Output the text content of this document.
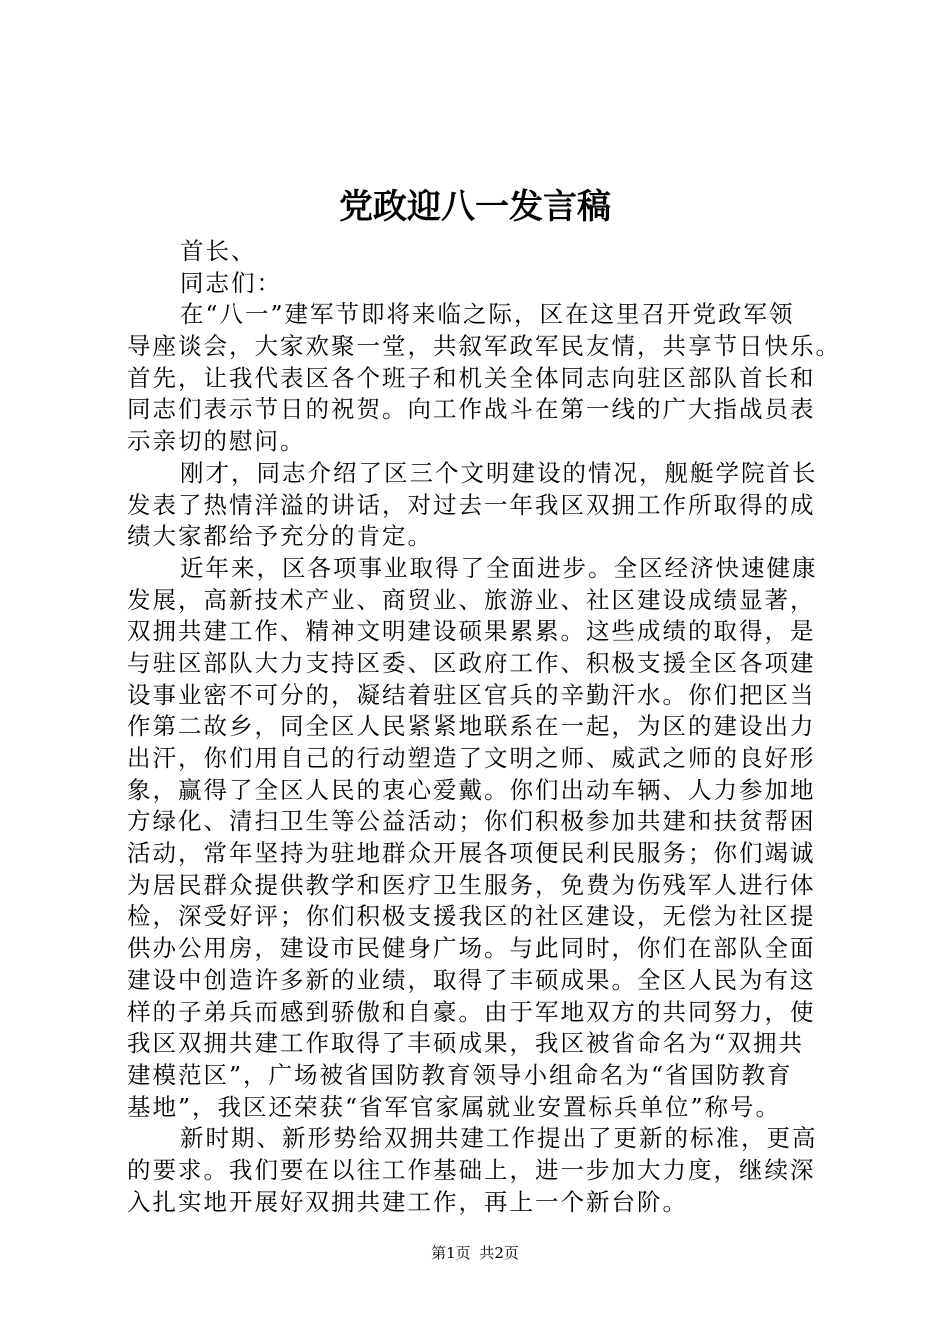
党政迎八一发言稿
首长、
同志们：
在“八一”建军节即将来临之际，区在这里召开党政军领
导座谈会，大家欢聚一堂，共叙军政军民友情，共享节日快乐。
首先，让我代表区各个班子和机关全体同志向驻区部队首长和
同志们表示节日的祝贺。向工作战斗在第一线的广大指战员表
示亲切的慰问。
刚才，同志介绍了区三个文明建设的情况，舰艇学院首长
发表了热情洋溢的讲话，对过去一年我区双拥工作所取得的成
绩大家都给予充分的肯定。
近年来，区各项事业取得了全面进步。全区经济快速健康
发展，高新技术产业、商贸业、旅游业、社区建设成绩显著，
双拥共建工作、精神文明建设硕果累累。这些成绩的取得，是
与驻区部队大力支持区委、区政府工作、积极支援全区各项建
设事业密不可分的，凝结着驻区官兵的辛勤汗水。你们把区当
作第二故乡，同全区人民紧紧地联系在一起，为区的建设出力
出汗，你们用自己的行动塑造了文明之师、威武之师的良好形
象，赢得了全区人民的衷心爱戴。你们出动车辆、人力参加地
方绿化、清扫卫生等公益活动；你们积极参加共建和扶贫帮困
活动，常年坚持为驻地群众开展各项便民利民服务；你们竭诚
为居民群众提供教学和医疗卫生服务，免费为伤残军人进行体
检，深受好评；你们积极支援我区的社区建设，无偿为社区提
供办公用房，建设市民健身广场。与此同时，你们在部队全面
建设中创造许多新的业绩，取得了丰硕成果。全区人民为有这
样的子弟兵而感到骄傲和自豪。由于军地双方的共同努力，使
我区双拥共建工作取得了丰硕成果，我区被省命名为“双拥共
建模范区”，广场被省国防教育领导小组命名为“省国防教育
基地”，我区还荣获“省军官家属就业安置标兵单位”称号。
新时期、新形势给双拥共建工作提出了更新的标准，更高
的要求。我们要在以往工作基础上，进一步加大力度，继续深
入扎实地开展好双拥共建工作，再上一个新台阶。
第1页 共2页
